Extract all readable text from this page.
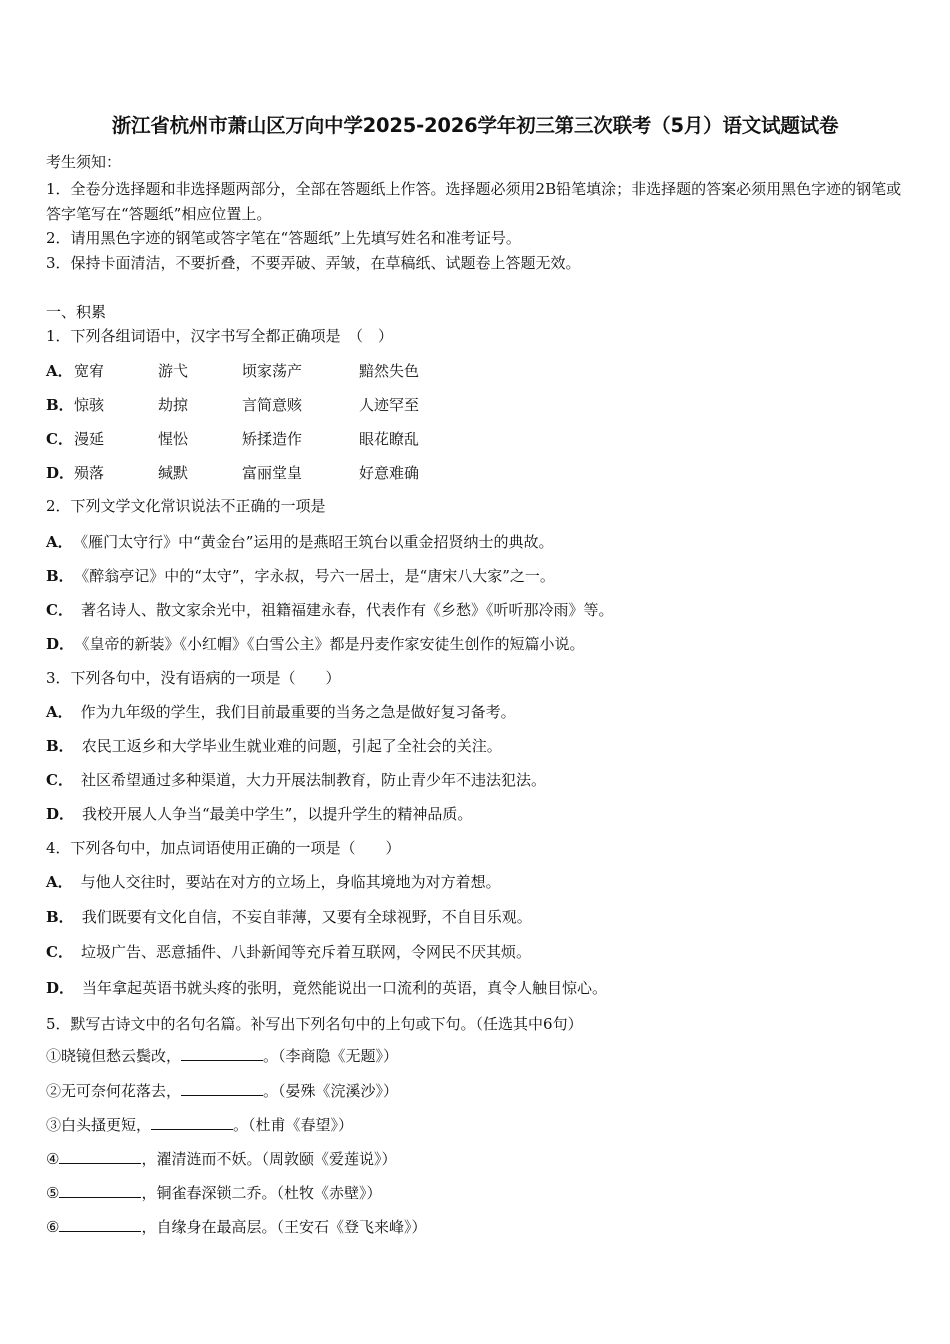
浙江省杭州市萧山区万向中学2025-2026学年初三第三次联考（5月）语文试题试卷
考生须知：
1．全卷分选择题和非选择题两部分，全部在答题纸上作答。选择题必须用2B铅笔填涂；非选择题的答案必须用黑色字迹的钢笔或答字笔写在“答题纸”相应位置上。
2．请用黑色字迹的钢笔或答字笔在“答题纸”上先填写姓名和准考证号。
3．保持卡面清洁，不要折叠，不要弄破、弄皱，在草稿纸、试题卷上答题无效。
一、积累
1．下列各组词语中，汉字书写全都正确项是　（　）
A． 宽宥	游弋	顷家荡产	黯然失色
B． 惊骇	劫掠	言简意赅	人迹罕至
C． 漫延	惺忪	矫揉造作	眼花瞭乱
D． 殒落	缄默	富丽堂皇	好意难确
2．下列文学文化常识说法不正确的一项是
A． 《雁门太守行》中“黄金台”运用的是燕昭王筑台以重金招贤纳士的典故。
B． 《醉翁亭记》中的“太守”，字永叔，号六一居士，是“唐宋八大家”之一。
C． 著名诗人、散文家余光中，祖籍福建永春，代表作有《乡愁》《听听那冷雨》等。
D． 《皇帝的新装》《小红帽》《白雪公主》都是丹麦作家安徒生创作的短篇小说。
3．下列各句中，没有语病的一项是（　　）
A． 作为九年级的学生，我们目前最重要的当务之急是做好复习备考。
B． 农民工返乡和大学毕业生就业难的问题，引起了全社会的关注。
C． 社区希望通过多种渠道，大力开展法制教育，防止青少年不违法犯法。
D． 我校开展人人争当“最美中学生”，以提升学生的精神品质。
4．下列各句中，加点词语使用正确的一项是（　　）
A． 与他人交往时，要站在对方的立场上，身临其境地为对方着想。
B． 我们既要有文化自信，不妄自菲薄，又要有全球视野，不自目乐观。
C． 垃圾广告、恶意插件、八卦新闻等充斥着互联网，令网民不厌其烦。
D． 当年拿起英语书就头疼的张明，竟然能说出一口流利的英语，真令人触目惊心。
5．默写古诗文中的名句名篇。补写出下列名句中的上句或下句。（任选其中6句）
①晓镜但愁云鬓改，	。（李商隐《无题》）
②无可奈何花落去，	。（晏殊《浣溪沙》）
③白头搔更短，	。（杜甫《春望》）
④	，濯清涟而不妖。（周敦颐《爱莲说》）
⑤	，铜雀春深锁二乔。（杜牧《赤壁》）
⑥	，自缘身在最高层。（王安石《登飞来峰》）
